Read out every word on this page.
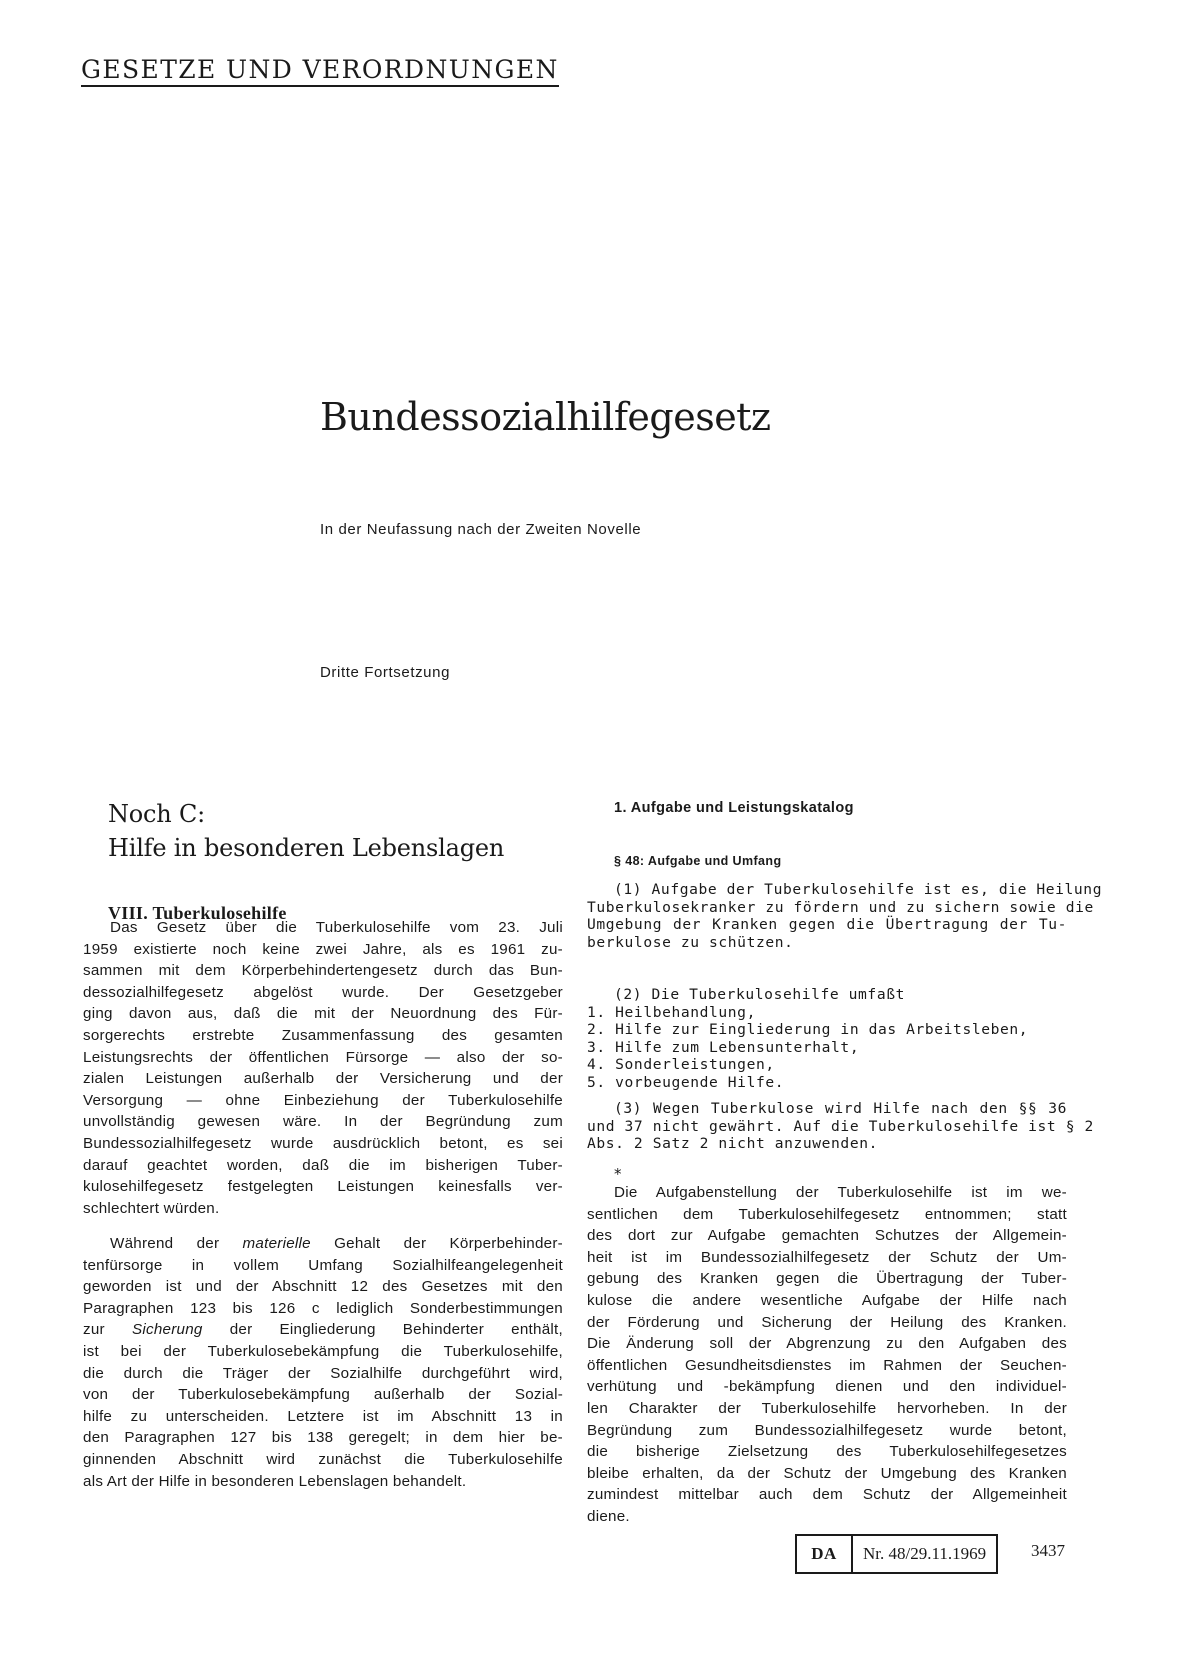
GESETZE UND VERORDNUNGEN
Bundessozialhilfegesetz
In der Neufassung nach der Zweiten Novelle
Dritte Fortsetzung
Noch C:
Hilfe in besonderen Lebenslagen
VIII. Tuberkulosehilfe
Das Gesetz über die Tuberkulosehilfe vom 23. Juli
1959 existierte noch keine zwei Jahre, als es 1961 zu-
sammen mit dem Körperbehindertengesetz durch das Bun-
dessozialhilfegesetz abgelöst wurde. Der Gesetzgeber
ging davon aus, daß die mit der Neuordnung des Für-
sorgerechts erstrebte Zusammenfassung des gesamten
Leistungsrechts der öffentlichen Fürsorge — also der so-
zialen Leistungen außerhalb der Versicherung und der
Versorgung — ohne Einbeziehung der Tuberkulosehilfe
unvollständig gewesen wäre. In der Begründung zum
Bundessozialhilfegesetz wurde ausdrücklich betont, es sei
darauf geachtet worden, daß die im bisherigen Tuber-
kulosehilfegesetz festgelegten Leistungen keinesfalls ver-
schlechtert würden.
Während der materielle Gehalt der Körperbehinder-
tenfürsorge in vollem Umfang Sozialhilfeangelegenheit
geworden ist und der Abschnitt 12 des Gesetzes mit den
Paragraphen 123 bis 126 c lediglich Sonderbestimmungen
zur Sicherung der Eingliederung Behinderter enthält,
ist bei der Tuberkulosebekämpfung die Tuberkulosehilfe,
die durch die Träger der Sozialhilfe durchgeführt wird,
von der Tuberkulosebekämpfung außerhalb der Sozial-
hilfe zu unterscheiden. Letztere ist im Abschnitt 13 in
den Paragraphen 127 bis 138 geregelt; in dem hier be-
ginnenden Abschnitt wird zunächst die Tuberkulosehilfe
als Art der Hilfe in besonderen Lebenslagen behandelt.
1. Aufgabe und Leistungskatalog
§ 48: Aufgabe und Umfang
(1) Aufgabe der Tuberkulosehilfe ist es, die Heilung
Tuberkulosekranker zu fördern und zu sichern sowie die
Umgebung der Kranken gegen die Übertragung der Tu-
berkulose zu schützen.
(2) Die Tuberkulosehilfe umfaßt
1. Heilbehandlung,
2. Hilfe zur Eingliederung in das Arbeitsleben,
3. Hilfe zum Lebensunterhalt,
4. Sonderleistungen,
5. vorbeugende Hilfe.
(3) Wegen Tuberkulose wird Hilfe nach den §§ 36
und 37 nicht gewährt. Auf die Tuberkulosehilfe ist § 2
Abs. 2 Satz 2 nicht anzuwenden.
*
Die Aufgabenstellung der Tuberkulosehilfe ist im we-
sentlichen dem Tuberkulosehilfegesetz entnommen; statt
des dort zur Aufgabe gemachten Schutzes der Allgemein-
heit ist im Bundessozialhilfegesetz der Schutz der Um-
gebung des Kranken gegen die Übertragung der Tuber-
kulose die andere wesentliche Aufgabe der Hilfe nach
der Förderung und Sicherung der Heilung des Kranken.
Die Änderung soll der Abgrenzung zu den Aufgaben des
öffentlichen Gesundheitsdienstes im Rahmen der Seuchen-
verhütung und -bekämpfung dienen und den individuel-
len Charakter der Tuberkulosehilfe hervorheben. In der
Begründung zum Bundessozialhilfegesetz wurde betont,
die bisherige Zielsetzung des Tuberkulosehilfegesetzes
bleibe erhalten, da der Schutz der Umgebung des Kranken
zumindest mittelbar auch dem Schutz der Allgemeinheit
diene.
DA	Nr. 48/29.11.1969	3437
